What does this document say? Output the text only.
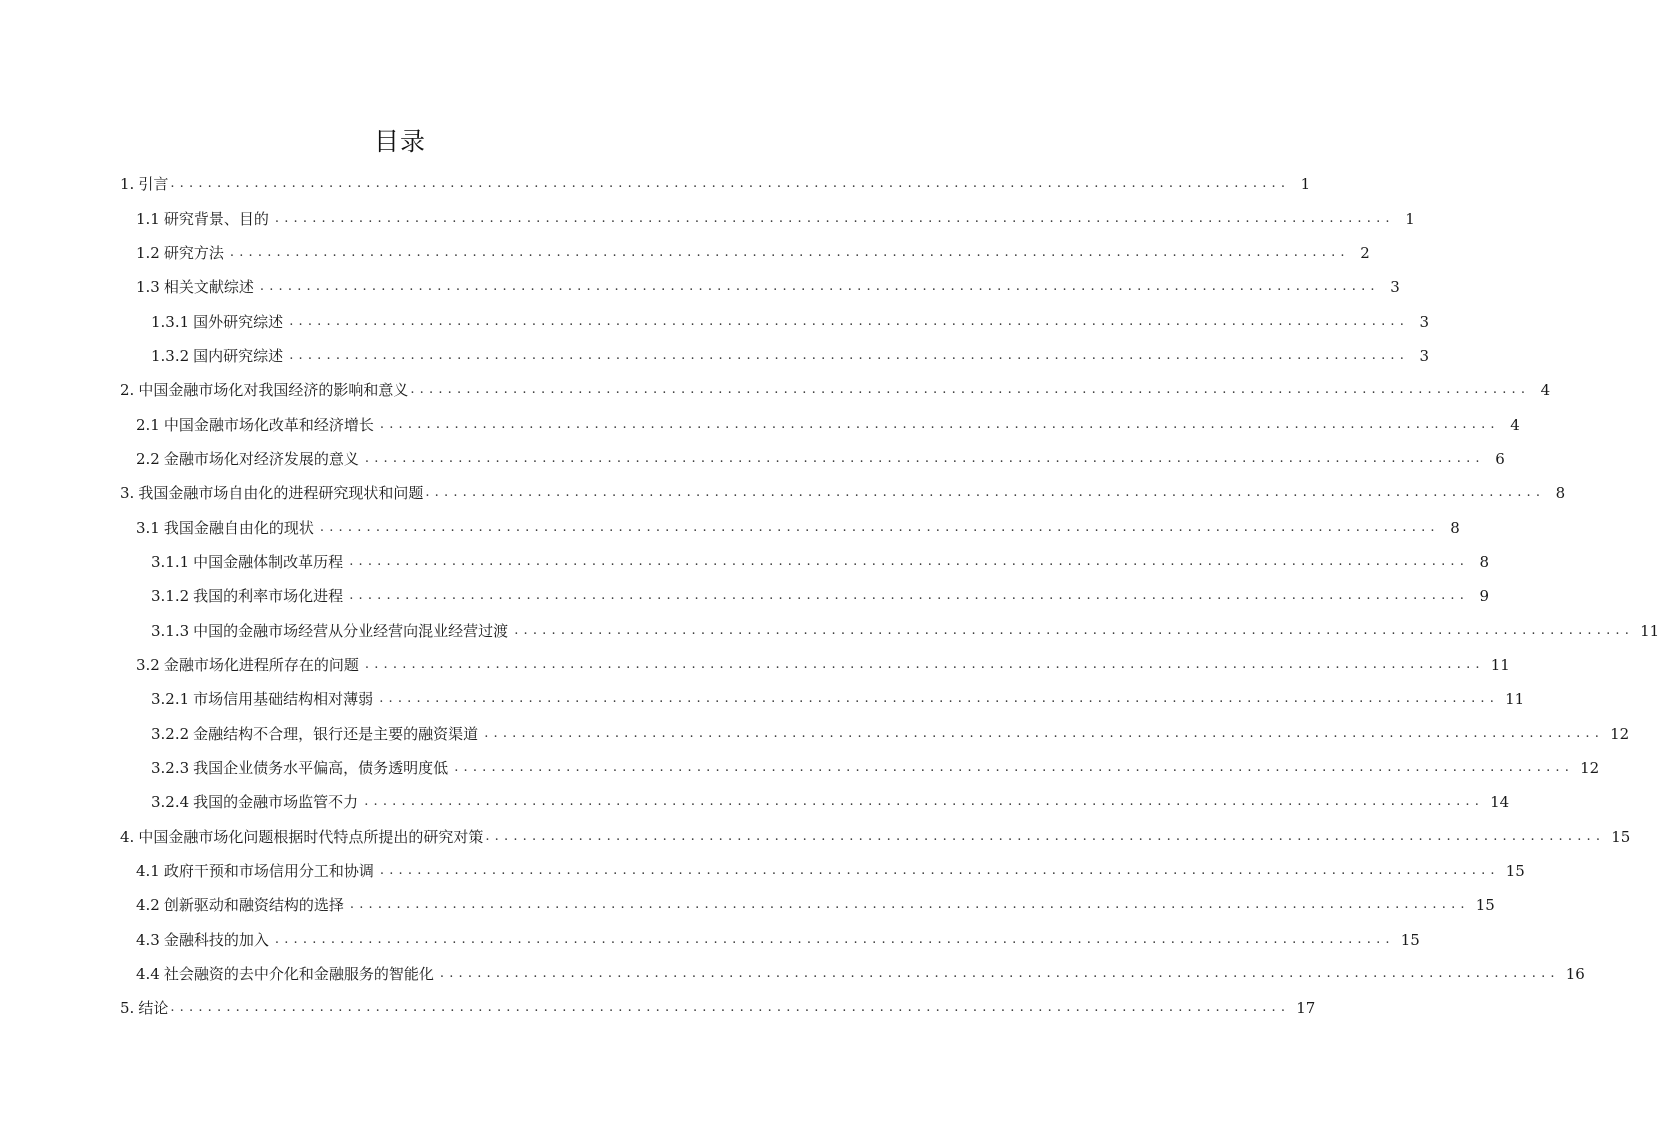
目录
1. 引言 ........................................................................................................................ 1
1.1 研究背景、目的 ........................................................................................................................ 1
1.2 研究方法 ........................................................................................................................ 2
1.3 相关文献综述 ........................................................................................................................ 3
1.3.1 国外研究综述 ........................................................................................................................ 3
1.3.2 国内研究综述 ........................................................................................................................ 3
2. 中国金融市场化对我国经济的影响和意义 ........................................................................................................................ 4
2.1 中国金融市场化改革和经济增长 ........................................................................................................................ 4
2.2 金融市场化对经济发展的意义 ........................................................................................................................ 6
3. 我国金融市场自由化的进程研究现状和问题 ........................................................................................................................ 8
3.1 我国金融自由化的现状 ........................................................................................................................ 8
3.1.1 中国金融体制改革历程 ........................................................................................................................ 8
3.1.2 我国的利率市场化进程 ........................................................................................................................ 9
3.1.3 中国的金融市场经营从分业经营向混业经营过渡 ........................................................................................................................ 11
3.2 金融市场化进程所存在的问题 ........................................................................................................................ 11
3.2.1 市场信用基础结构相对薄弱 ........................................................................................................................ 11
3.2.2 金融结构不合理，银行还是主要的融资渠道 ........................................................................................................................ 12
3.2.3 我国企业债务水平偏高，债务透明度低 ........................................................................................................................ 12
3.2.4 我国的金融市场监管不力 ........................................................................................................................ 14
4. 中国金融市场化问题根据时代特点所提出的研究对策 ........................................................................................................................ 15
4.1 政府干预和市场信用分工和协调 ........................................................................................................................ 15
4.2 创新驱动和融资结构的选择 ........................................................................................................................ 15
4.3 金融科技的加入 ........................................................................................................................ 15
4.4 社会融资的去中介化和金融服务的智能化 ........................................................................................................................ 16
5. 结论 ........................................................................................................................ 17
